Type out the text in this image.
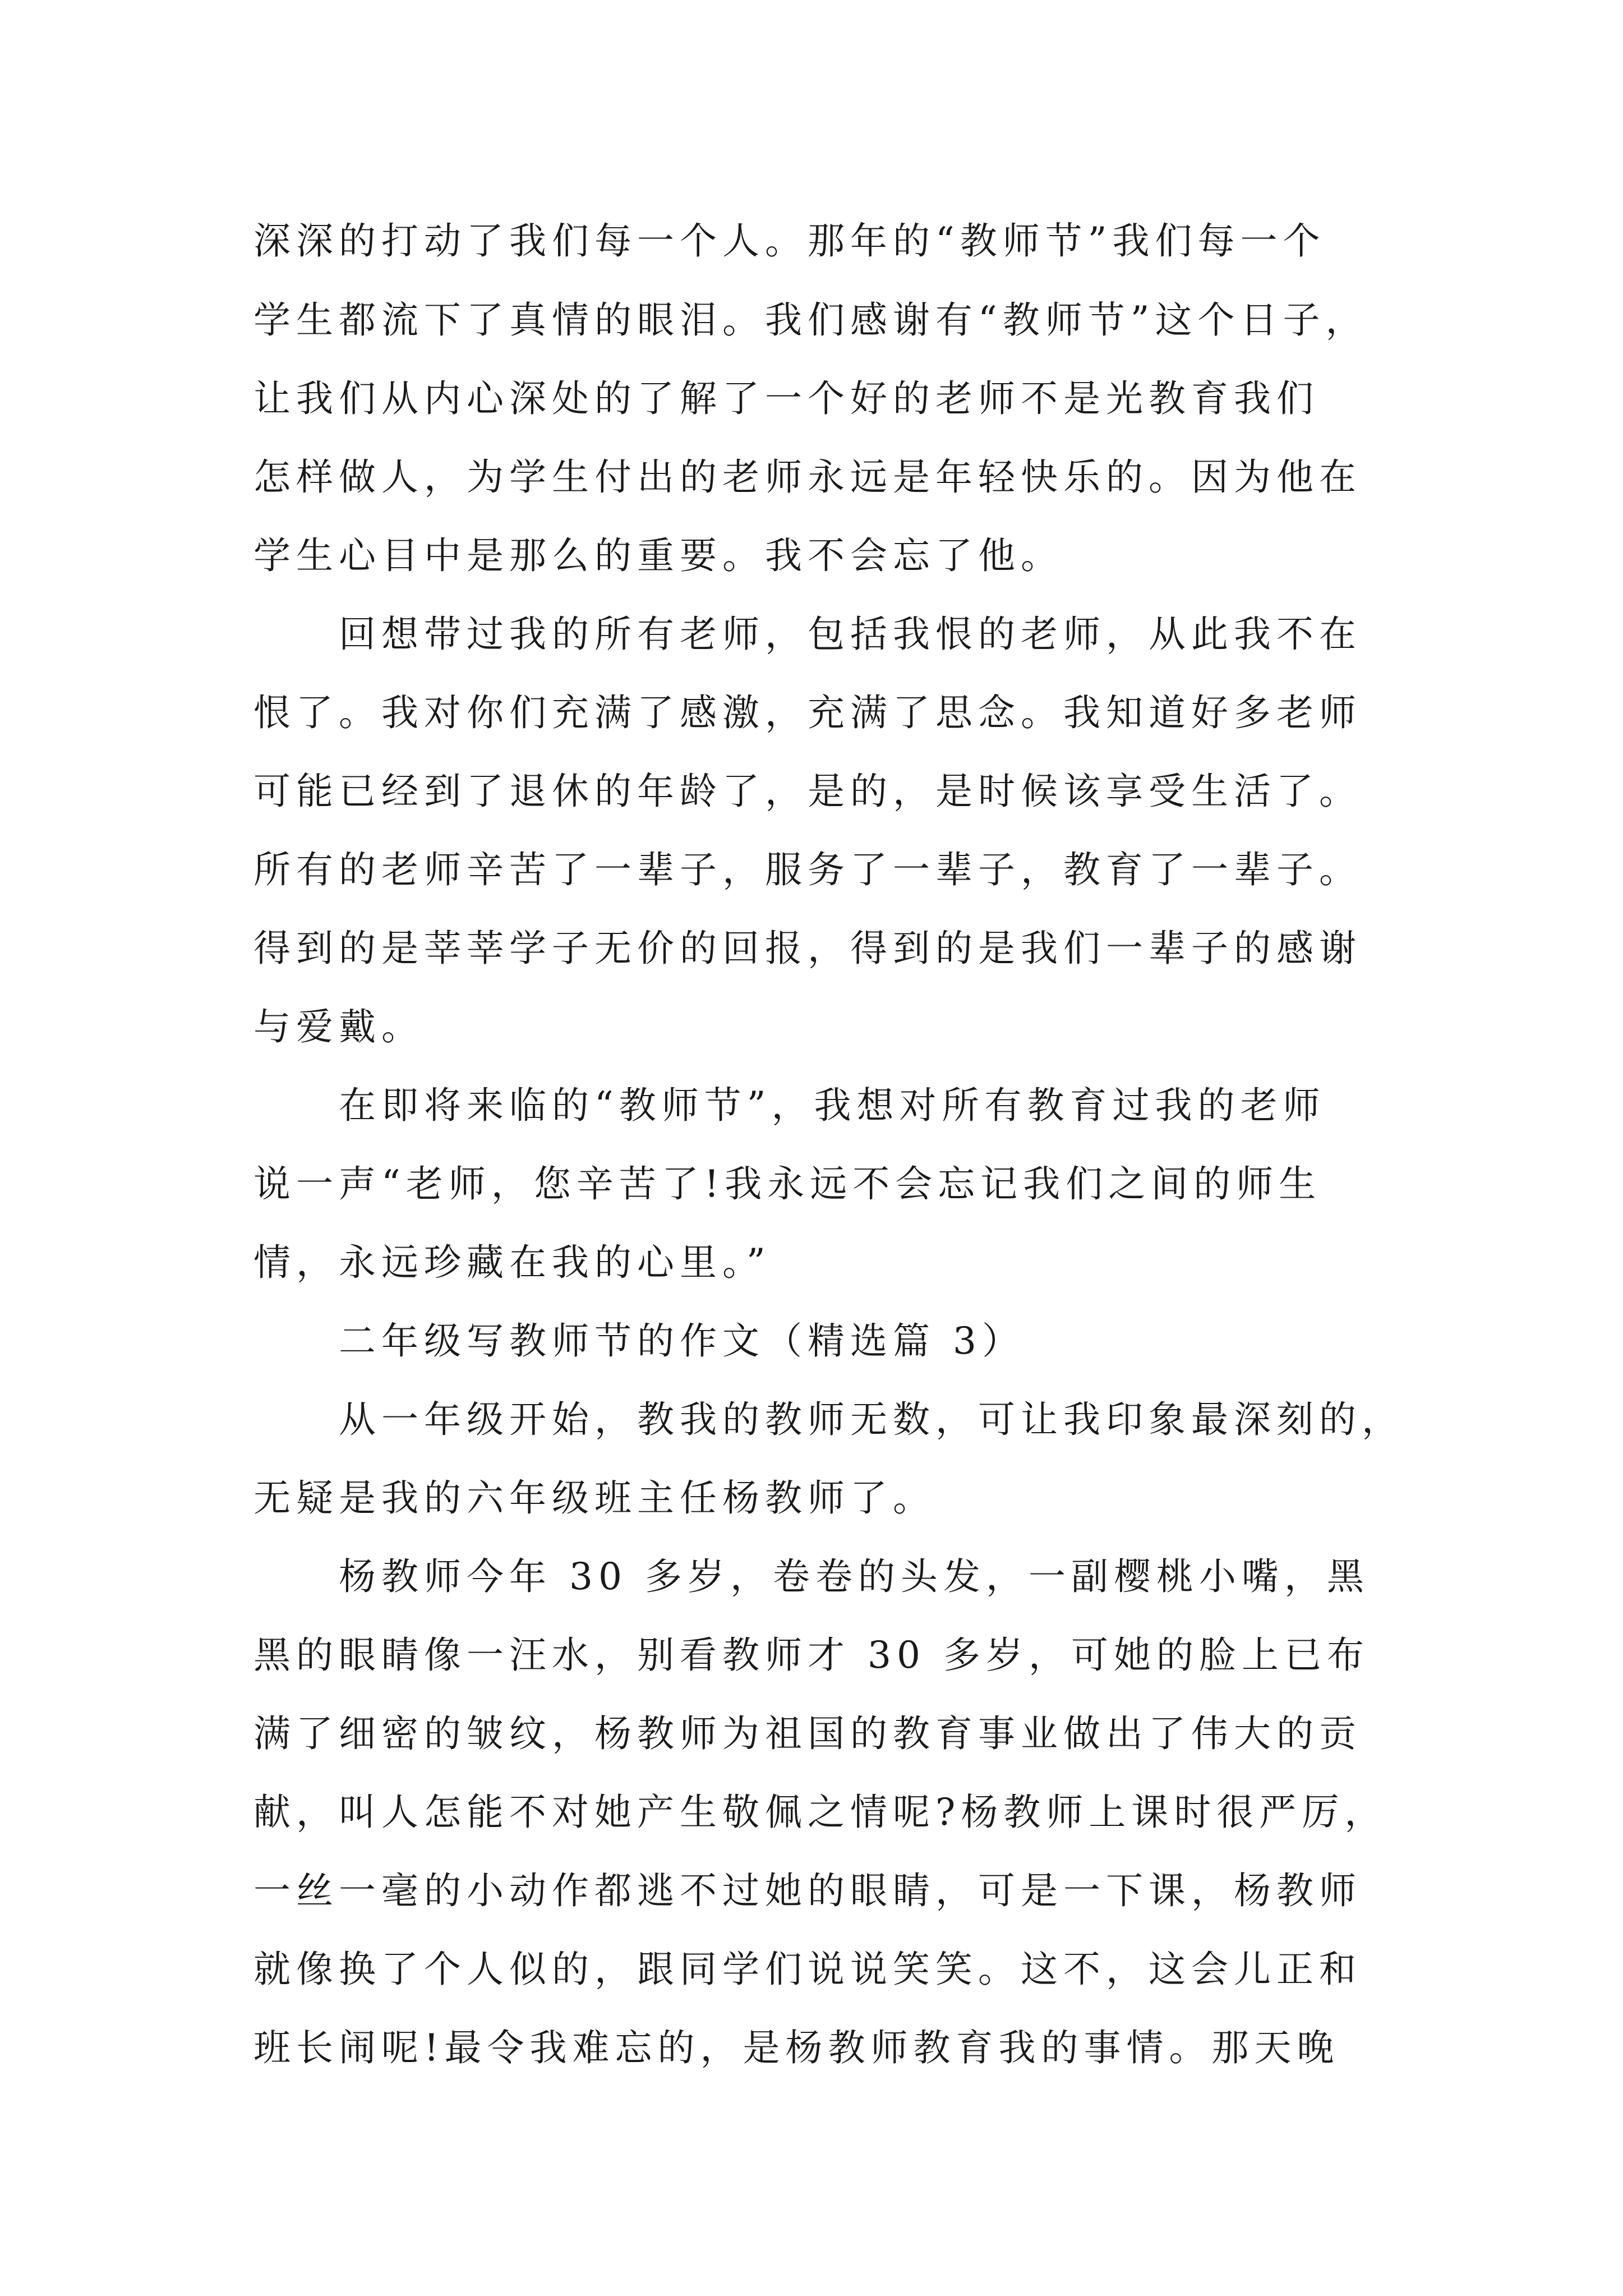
深深的打动了我们每一个人。那年的“教师节”我们每一个
学生都流下了真情的眼泪。我们感谢有“教师节”这个日子，
让我们从内心深处的了解了一个好的老师不是光教育我们
怎样做人，为学生付出的老师永远是年轻快乐的。因为他在
学生心目中是那么的重要。我不会忘了他。
回想带过我的所有老师，包括我恨的老师，从此我不在
恨了。我对你们充满了感激，充满了思念。我知道好多老师
可能已经到了退休的年龄了，是的，是时候该享受生活了。
所有的老师辛苦了一辈子，服务了一辈子，教育了一辈子。
得到的是莘莘学子无价的回报，得到的是我们一辈子的感谢
与爱戴。
在即将来临的“教师节”，我想对所有教育过我的老师
说一声“老师，您辛苦了!我永远不会忘记我们之间的师生
情，永远珍藏在我的心里。”
二年级写教师节的作文（精选篇 3）
从一年级开始，教我的教师无数，可让我印象最深刻的，
无疑是我的六年级班主任杨教师了。
杨教师今年 30 多岁，卷卷的头发，一副樱桃小嘴，黑
黑的眼睛像一汪水，别看教师才 30 多岁，可她的脸上已布
满了细密的皱纹，杨教师为祖国的教育事业做出了伟大的贡
献，叫人怎能不对她产生敬佩之情呢?杨教师上课时很严厉，
一丝一毫的小动作都逃不过她的眼睛，可是一下课，杨教师
就像换了个人似的，跟同学们说说笑笑。这不，这会儿正和
班长闹呢!最令我难忘的，是杨教师教育我的事情。那天晚
